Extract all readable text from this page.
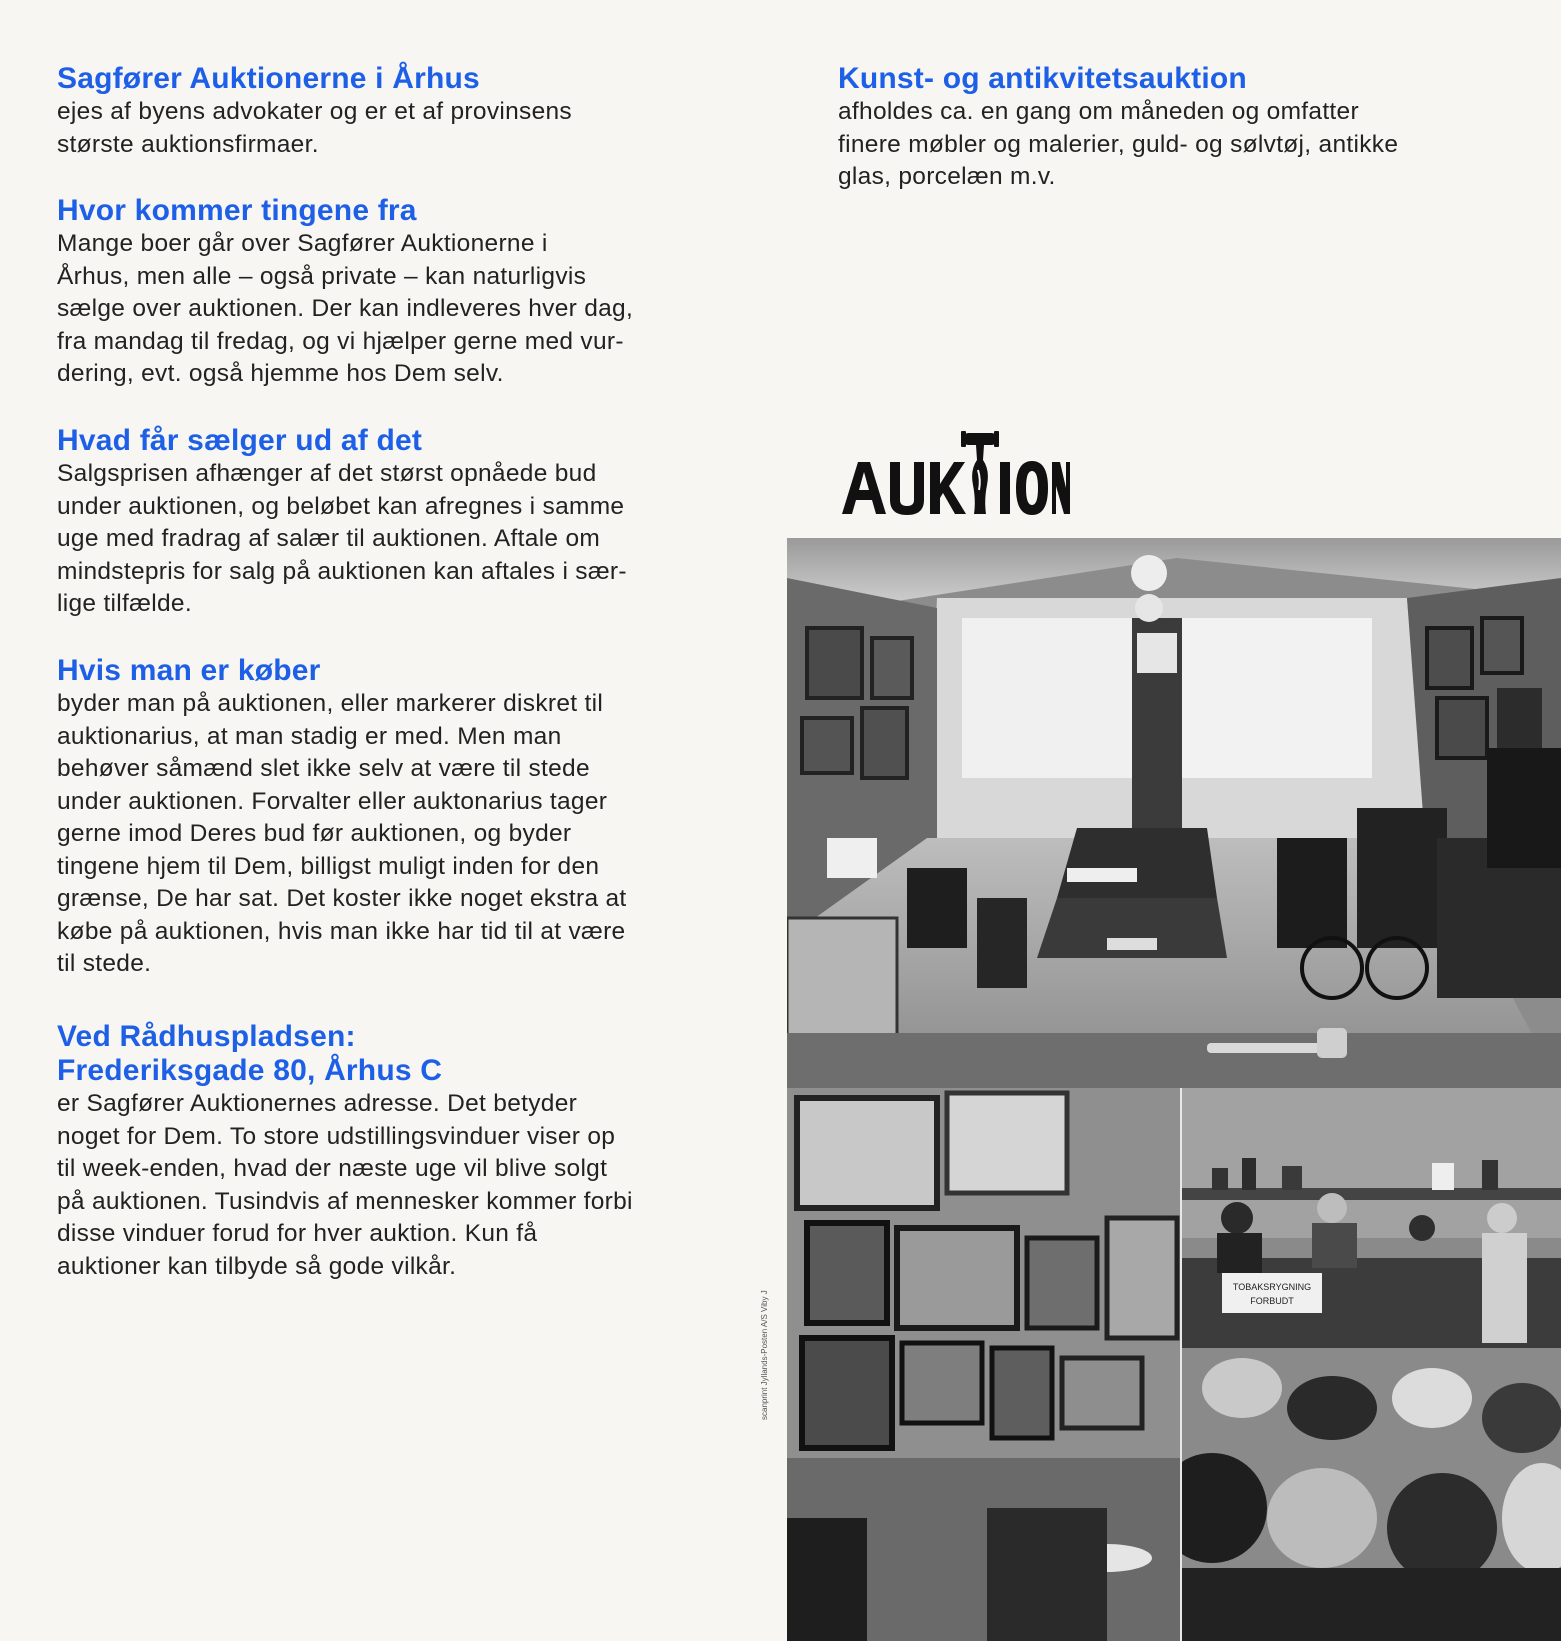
Sagfører Auktionerne i Århus

ejes af byens advokater og er et af provinsens
største auktionsfirmaer.

Hvor kommer tingene fra

Mange boer går over Sagfører Auktionerne i
Århus, men alle – også private – kan naturligvis
sælge over auktionen. Der kan indleveres hver dag,
fra mandag til fredag, og vi hjælper gerne med vur-
dering, evt. også hjemme hos Dem selv.

Hvad får sælger ud af det

Salgsprisen afhænger af det størst opnåede bud
under auktionen, og beløbet kan afregnes i samme
uge med fradrag af salær til auktionen. Aftale om
mindstepris for salg på auktionen kan aftales i sær-
lige tilfælde.

Hvis man er køber

byder man på auktionen, eller markerer diskret til
auktionarius, at man stadig er med. Men man
behøver såmænd slet ikke selv at være til stede
under auktionen. Forvalter eller auktonarius tager
gerne imod Deres bud før auktionen, og byder
tingene hjem til Dem, billigst muligt inden for den
grænse, De har sat. Det koster ikke noget ekstra at
købe på auktionen, hvis man ikke har tid til at være
til stede.

Ved Rådhuspladsen:
Frederiksgade 80, Århus C

er Sagfører Auktionernes adresse. Det betyder
noget for Dem. To store udstillingsvinduer viser op
til week-enden, hvad der næste uge vil blive solgt
på auktionen. Tusindvis af mennesker kommer forbi
disse vinduer forud for hver auktion. Kun få
auktioner kan tilbyde så gode vilkår.

Kunst- og antikvitetsauktion

afholdes ca. en gang om måneden og omfatter
finere møbler og malerier, guld- og sølvtøj, antikke
glas, porcelæn m.v.

TOBAKSRYGNING
FORBUDT
scanprint Jyllands-Posten A/S Viby J
